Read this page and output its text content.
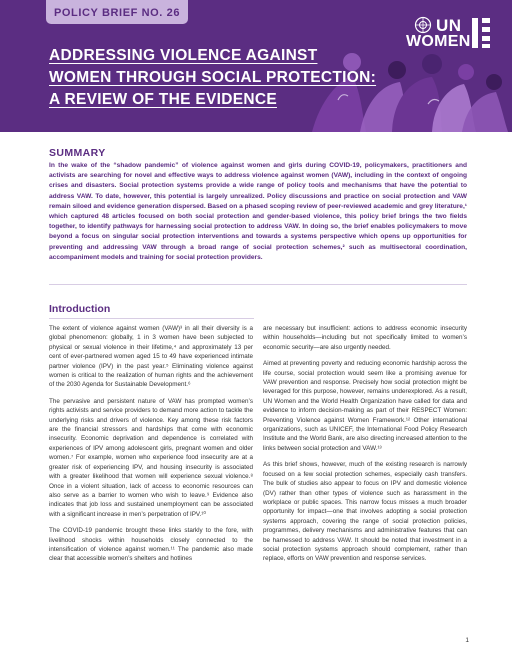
POLICY BRIEF NO. 26
ADDRESSING VIOLENCE AGAINST
WOMEN THROUGH SOCIAL PROTECTION:
A REVIEW OF THE EVIDENCE
UN
WOMEN
SUMMARY
In the wake of the “shadow pandemic” of violence against women and girls during COVID-19, policymakers, practitioners and activists are searching for novel and effective ways to address violence against women (VAW), including in the context of ongoing crises and disasters. Social protection systems provide a wide range of policy tools and mechanisms that have the potential to address VAW. To date, however, this potential is largely unrealized. Policy discussions and practice on social protection and VAW remain siloed and evidence generation dispersed. Based on a phased scoping review of peer-reviewed academic and grey literature,¹ which captured 48 articles focused on both social protection and gender-based violence, this policy brief brings the two fields together, to identify pathways for harnessing social protection to address VAW. In doing so, the brief enables policymakers to move beyond a focus on singular social protection interventions and towards a systems perspective which opens up opportunities for preventing and addressing VAW through a broad range of social protection schemes,² such as multisectoral coordination, accompaniment models and training for social protection providers.
Introduction

The extent of violence against women (VAW)³ in all their diversity is a global phenomenon: globally, 1 in 3 women have been subjected to physical or sexual violence in their lifetime,⁴ and approximately 13 per cent of ever-partnered women aged 15 to 49 have experienced intimate partner violence (IPV) in the past year.⁵ Eliminating violence against women is critical to the realization of human rights and the achievement of the 2030 Agenda for Sustainable Development.⁶

The pervasive and persistent nature of VAW has prompted women’s rights activists and service providers to demand more action to tackle the underlying risks and drivers of violence. Key among these risk factors are the financial stressors and hardships that come with economic insecurity. Economic deprivation and dependence is correlated with experiences of IPV among adolescent girls, pregnant women and older women.⁷ For example, women who experience food insecurity are at a greater risk of experiencing IPV, and housing insecurity is associated with a greater likelihood that women will experience sexual violence.⁸ Once in a violent situation, lack of access to economic resources can also serve as a barrier to women who wish to leave.⁹ Evidence also indicates that job loss and sustained unemployment can be associated with a significant increase in men’s perpetration of IPV.¹⁰

The COVID-19 pandemic brought these links starkly to the fore, with livelihood shocks within households closely connected to the intensification of violence against women.¹¹ The pandemic also made clear that accessible women’s shelters and hotlines

are necessary but insufficient: actions to address economic insecurity within households—including but not specifically limited to women’s economic security—are also urgently needed.

Aimed at preventing poverty and reducing economic hardship across the life course, social protection would seem like a promising avenue for VAW prevention and response. Precisely how social protection might be leveraged for this purpose, however, remains underexplored. As a result, UN Women and the World Health Organization have called for data and evidence to inform decision-making as part of their RESPECT Women: Preventing Violence against Women Framework.¹² Other international organizations, such as UNICEF, the International Food Policy Research Institute and the World Bank, are also directing increased attention to the links between social protection and VAW.¹³

As this brief shows, however, much of the existing research is narrowly focused on a few social protection schemes, especially cash transfers. The bulk of studies also appear to focus on IPV and domestic violence (DV) rather than other types of violence such as harassment in the workplace or public spaces. This narrow focus misses a much broader opportunity for impact—one that involves adopting a social protection systems approach, covering the range of social protection policies, programmes, delivery mechanisms and administrative features that can be harnessed to address VAW. It should be noted that investment in a social protection systems approach should complement, rather than replace, efforts on VAW prevention and response services.

1
